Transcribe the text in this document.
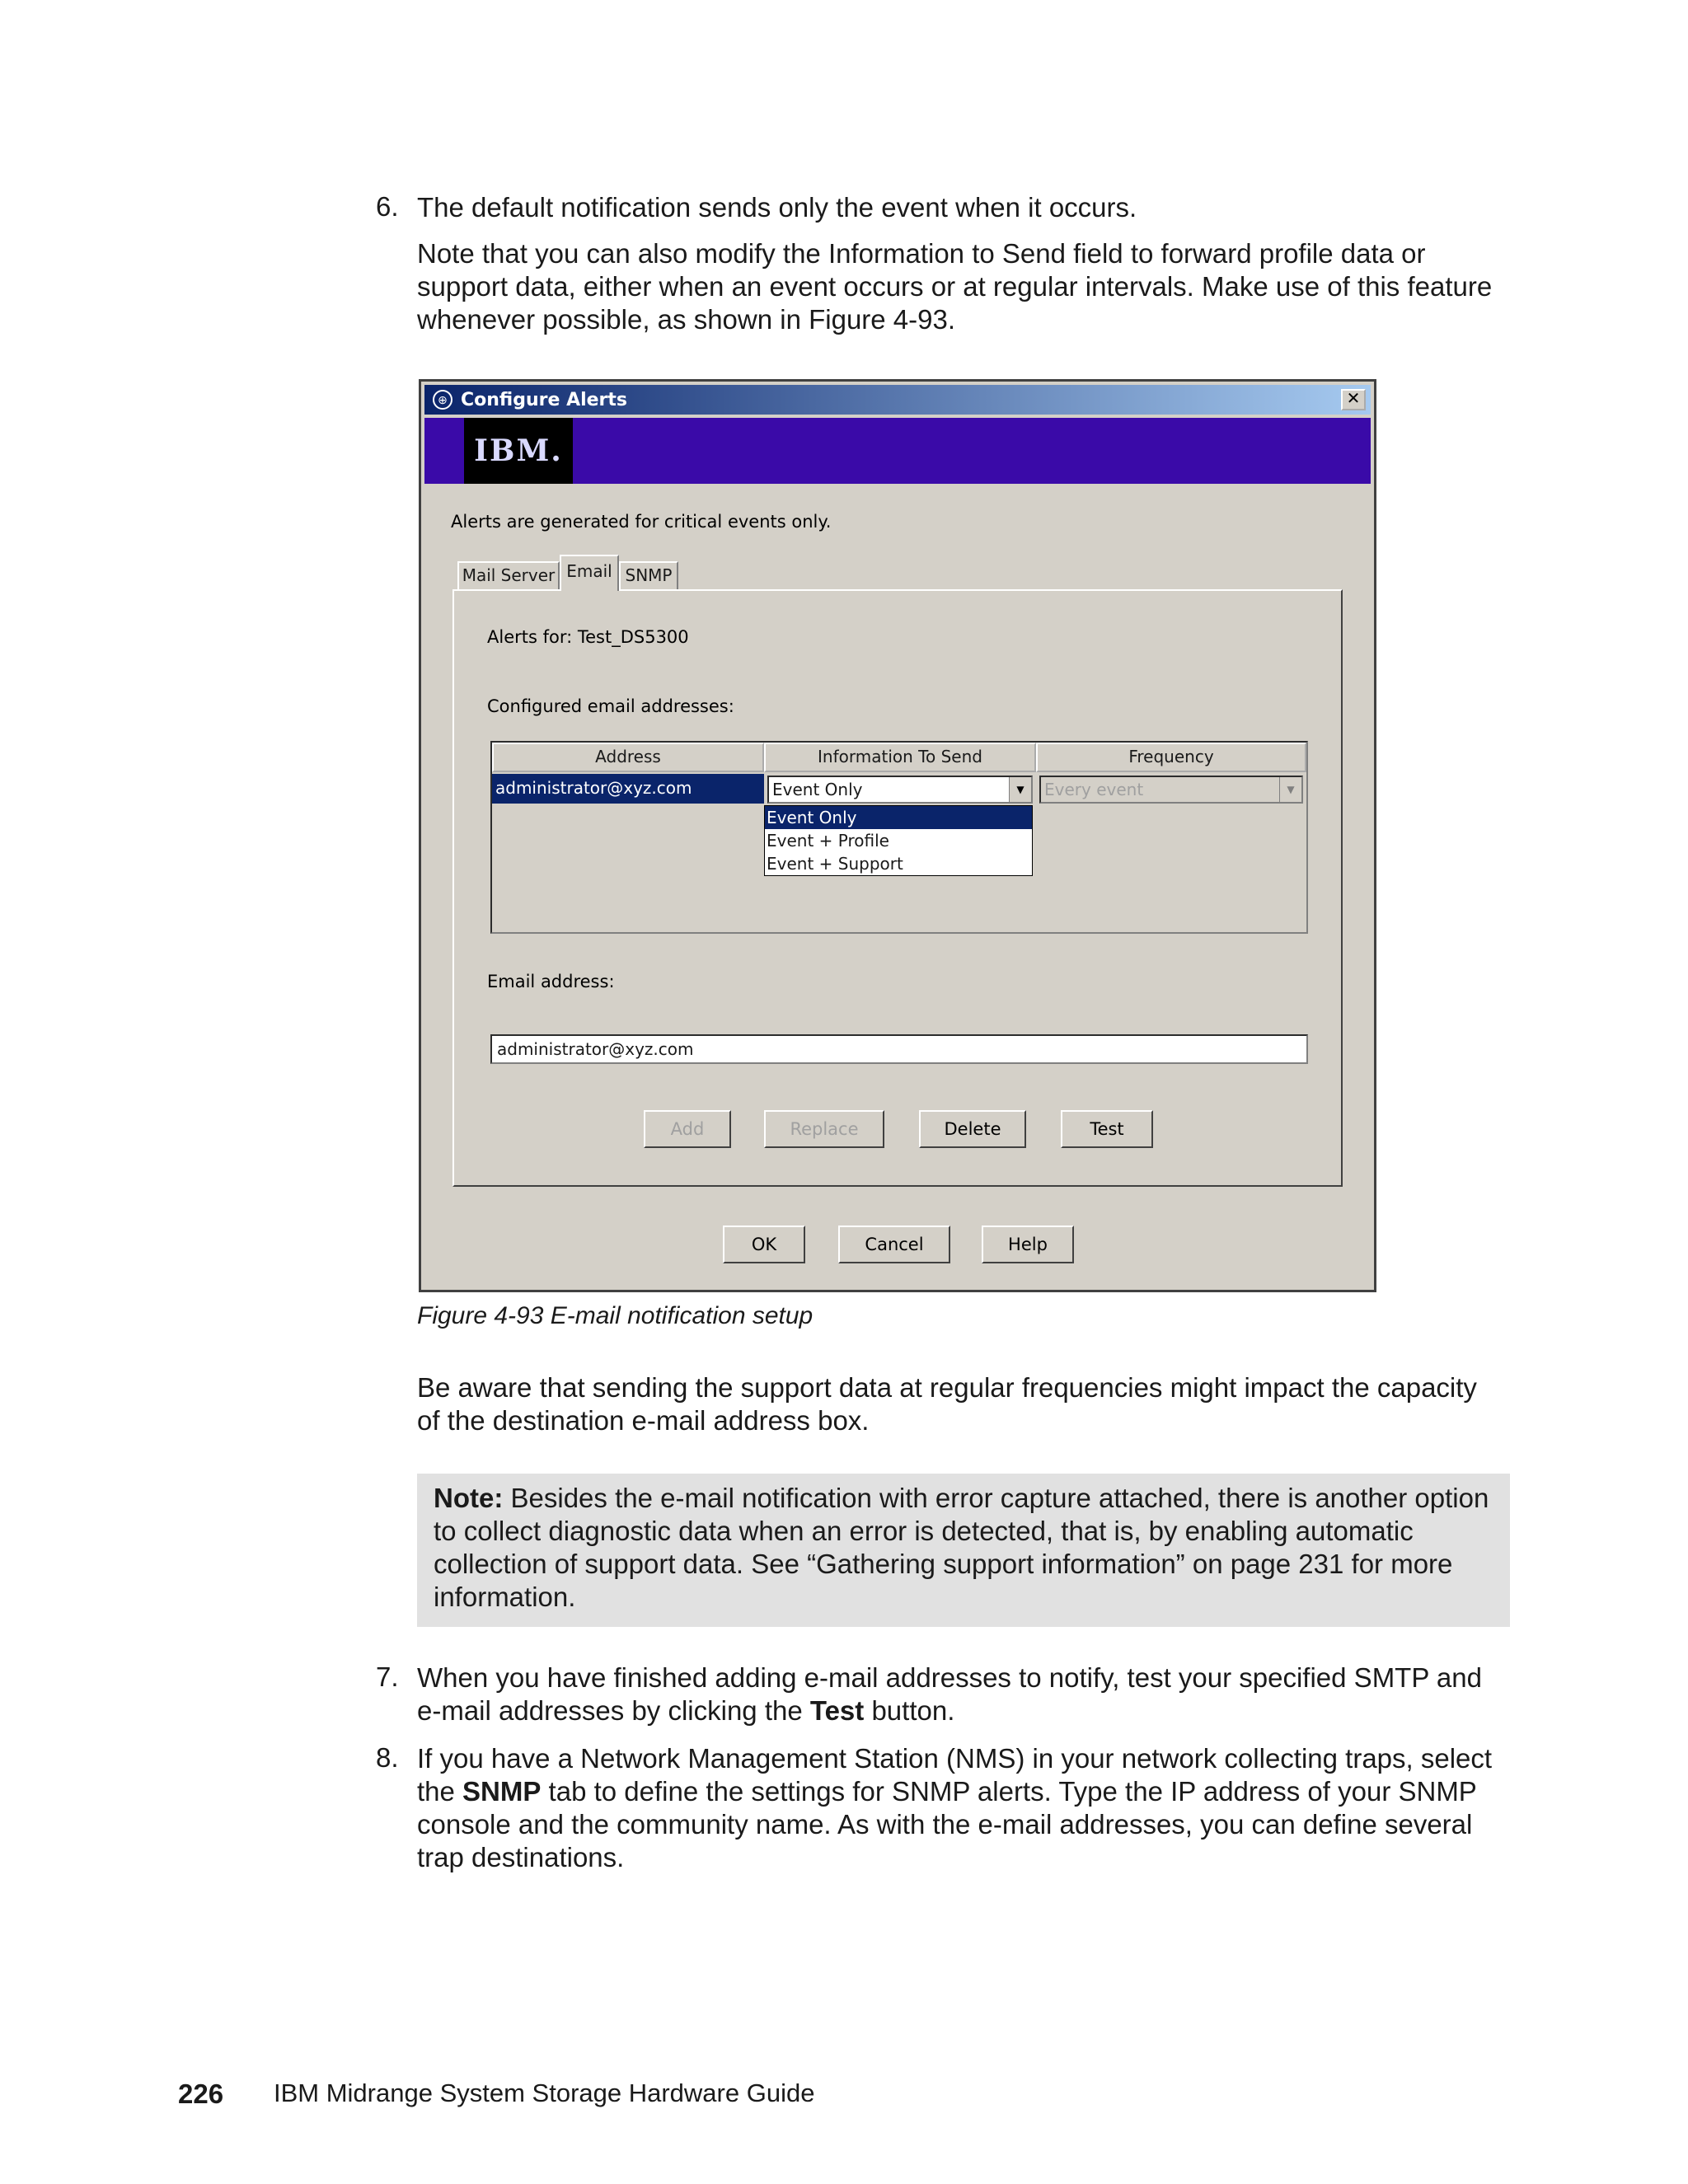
6. The default notification sends only the event when it occurs.
Note that you can also modify the Information to Send field to forward profile data or support data, either when an event occurs or at regular intervals. Make use of this feature whenever possible, as shown in Figure 4-93.
⊕ Configure Alerts	✕
IBM.
Alerts are generated for critical events only.
Mail Server Email SNMP
Alerts for: Test_DS5300
Configured email addresses:
Address	Information To Send	Frequency
administrator@xyz.com	Event Only	▼	Every event	▼
Event Only
Event + Profile
Event + Support
Email address:
administrator@xyz.com
Add	Replace	Delete	Test
OK	Cancel	Help
Figure 4-93 E-mail notification setup
Be aware that sending the support data at regular frequencies might impact the capacity of the destination e-mail address box.
Note: Besides the e-mail notification with error capture attached, there is another option to collect diagnostic data when an error is detected, that is, by enabling automatic collection of support data. See “Gathering support information” on page 231 for more information.
7. When you have finished adding e-mail addresses to notify, test your specified SMTP and e-mail addresses by clicking the Test button.
8. If you have a Network Management Station (NMS) in your network collecting traps, select the SNMP tab to define the settings for SNMP alerts. Type the IP address of your SNMP console and the community name. As with the e-mail addresses, you can define several trap destinations.
226 IBM Midrange System Storage Hardware Guide
